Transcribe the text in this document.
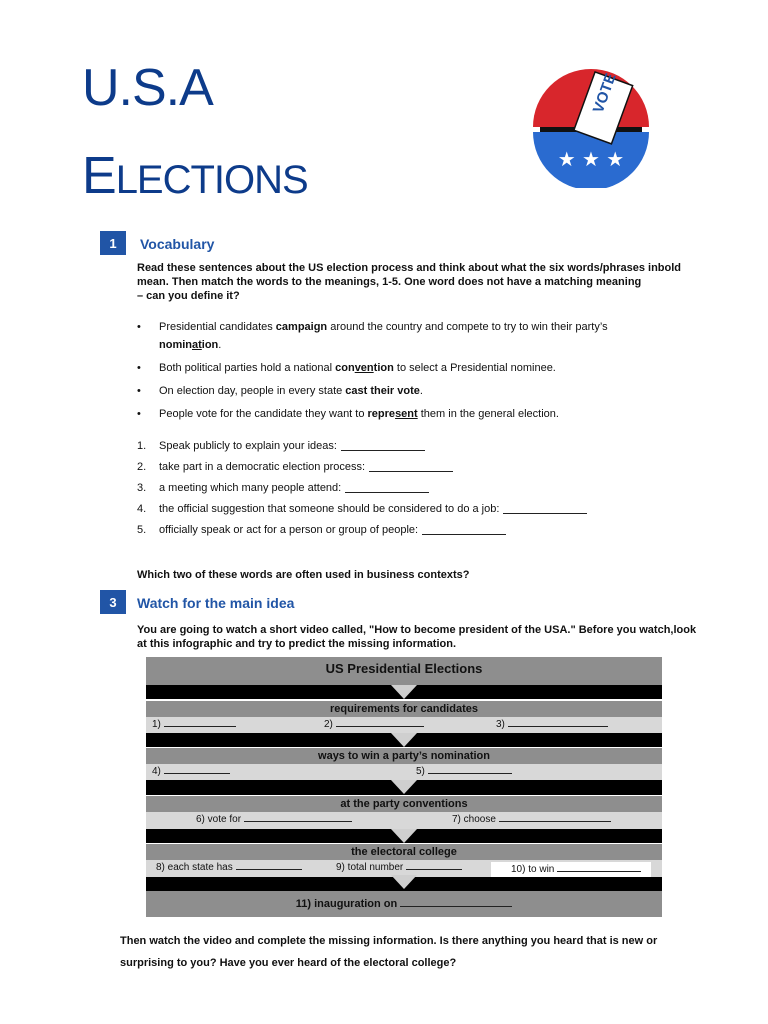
U.S.A
ELECTIONS
VOTE
★ ★ ★
1	Vocabulary
Read these sentences about the US election process and think about what the six words/phrases inbold
mean. Then match the words to the meanings, 1-5. One word does not have a matching meaning
– can you define it?
•	Presidential candidates campaign around the country and compete to try to win their party’s
nomination.
•	Both political parties hold a national convention to select a Presidential nominee.
•	On election day, people in every state cast their vote.
•	People vote for the candidate they want to represent them in the general election.
1.	Speak publicly to explain your ideas:
2.	take part in a democratic election process:
3.	a meeting which many people attend:
4.	the official suggestion that someone should be considered to do a job:
5.	officially speak or act for a person or group of people:
Which two of these words are often used in business contexts?
3	Watch for the main idea
You are going to watch a short video called, "How to become president of the USA." Before you watch,look
at this infographic and try to predict the missing information.
US Presidential Elections
requirements for candidates
1)	2)	3)
ways to win a party’s nomination
4)	5)
at the party conventions
6) vote for	7) choose
the electoral college
8) each state has	9) total number	10) to win
11) inauguration on
Then watch the video and complete the missing information. Is there anything you heard that is new or
surprising to you? Have you ever heard of the electoral college?
